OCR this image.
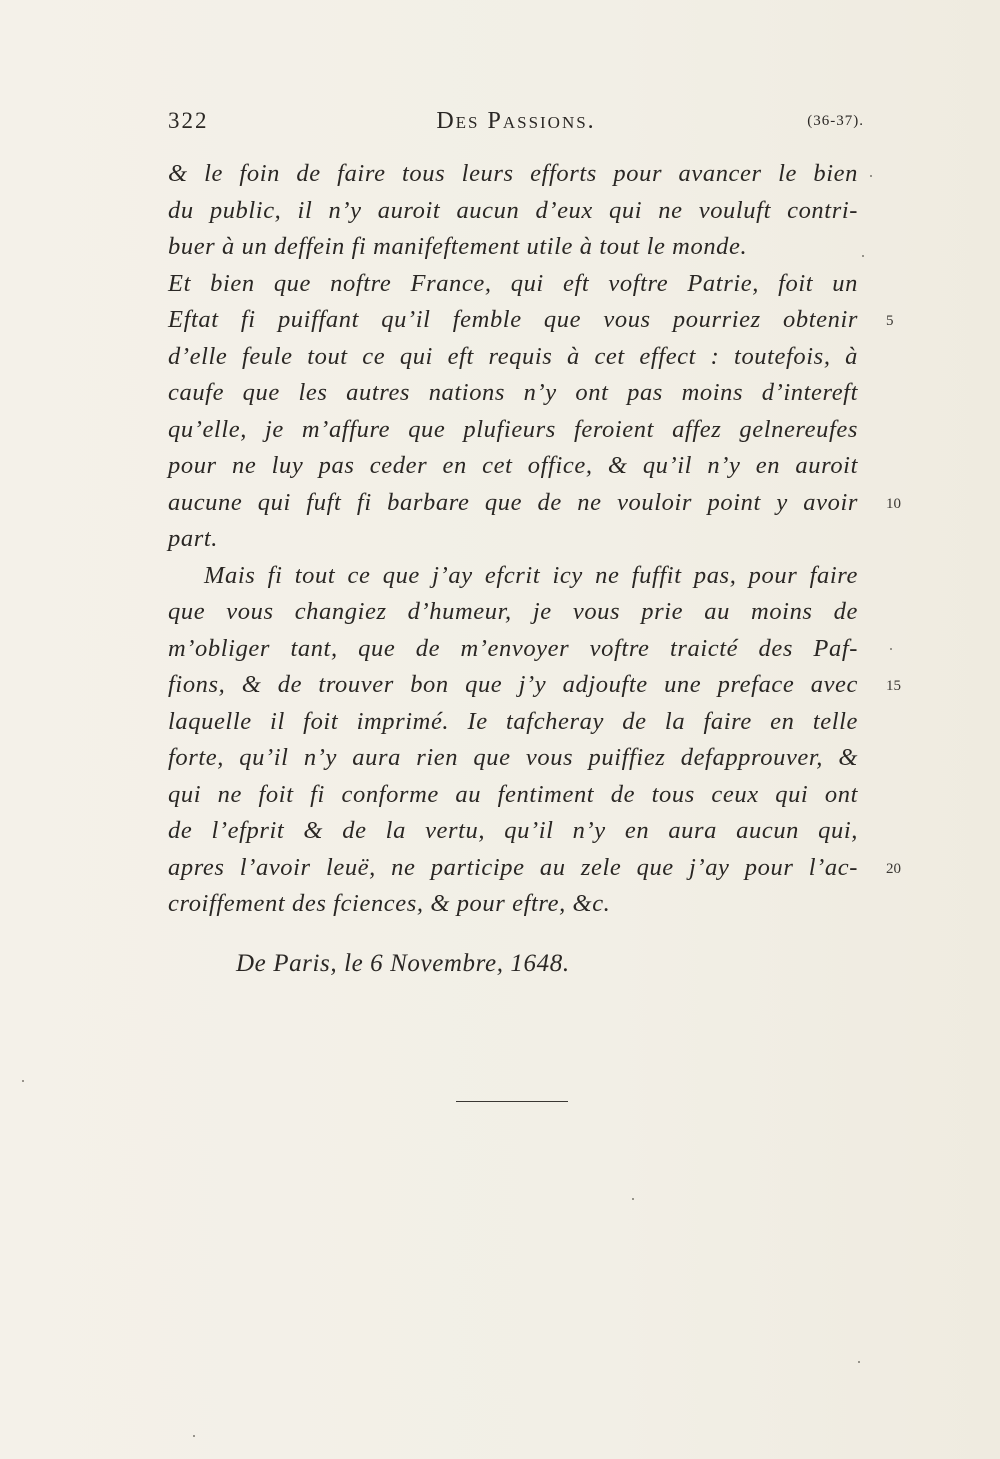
322	Des Passions.	(36-37).
& le foin de faire tous leurs efforts pour avancer le bien
du public, il n’y auroit aucun d’eux qui ne vouluft contri-
buer à un deffein fi manifeftement utile à tout le monde.
Et bien que noftre France, qui eft voftre Patrie, foit un
Eftat fi puiffant qu’il femble que vous pourriez obtenir
d’elle feule tout ce qui eft requis à cet effect : toutefois, à
caufe que les autres nations n’y ont pas moins d’intereft
qu’elle, je m’affure que plufieurs feroient affez gelnereufes
pour ne luy pas ceder en cet office, & qu’il n’y en auroit
aucune qui fuft fi barbare que de ne vouloir point y avoir
part.
Mais fi tout ce que j’ay efcrit icy ne fuffit pas, pour faire
que vous changiez d’humeur, je vous prie au moins de
m’obliger tant, que de m’envoyer voftre traicté des Paf-
fions, & de trouver bon que j’y adjoufte une preface avec
laquelle il foit imprimé. Ie tafcheray de la faire en telle
forte, qu’il n’y aura rien que vous puiffiez defapprouver, &
qui ne foit fi conforme au fentiment de tous ceux qui ont
de l’efprit & de la vertu, qu’il n’y en aura aucun qui,
apres l’avoir leuë, ne participe au zele que j’ay pour l’ac-
croiffement des fciences, & pour eftre, &c.
5
10
15
20
De Paris, le 6 Novembre, 1648.
